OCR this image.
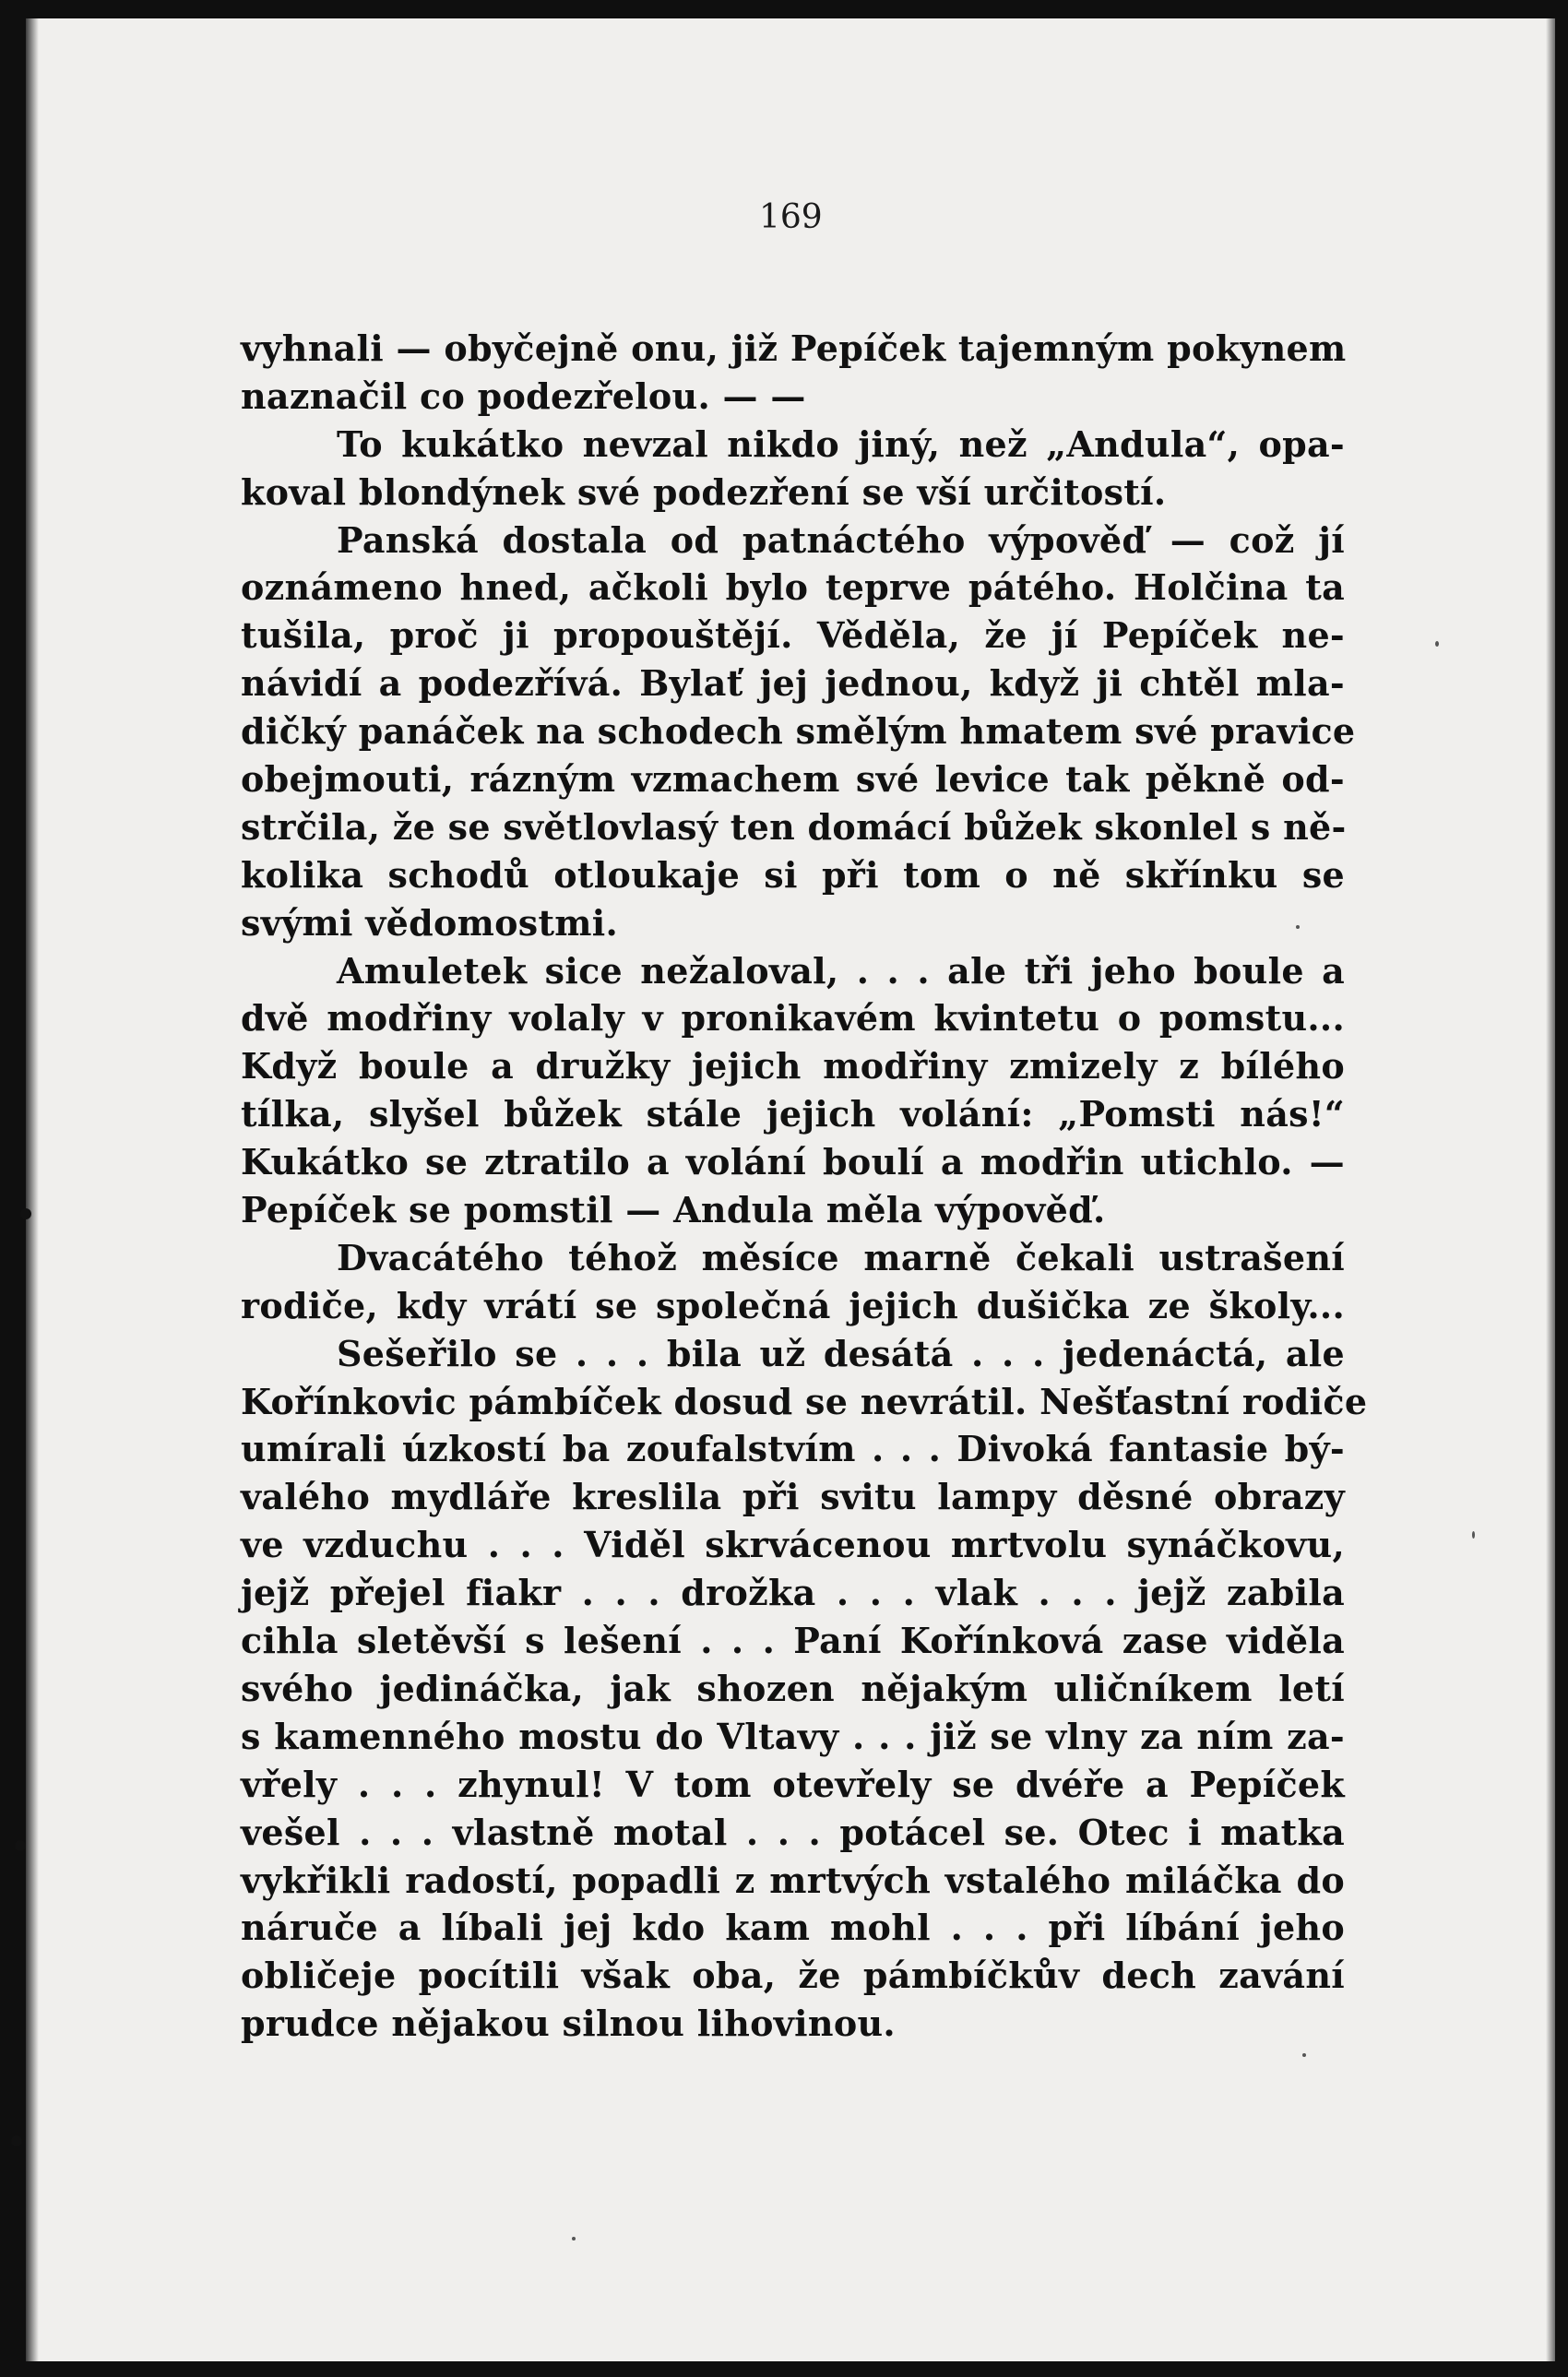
169
vyhnali — obyčejně onu, již Pepíček tajemným pokynem
naznačil co podezřelou. — —
To kukátko nevzal nikdo jiný, než „Andula“, opa-
koval blondýnek své podezření se vší určitostí.
Panská dostala od patnáctého výpověď — což jí
oznámeno hned, ačkoli bylo teprve pátého. Holčina ta
tušila, proč ji propouštějí. Věděla, že jí Pepíček ne-
návidí a podezřívá. Bylať jej jednou, když ji chtěl mla-
dičký panáček na schodech smělým hmatem své pravice
obejmouti, rázným vzmachem své levice tak pěkně od-
strčila, že se světlovlasý ten domácí bůžek skonlel s ně-
kolika schodů otloukaje si při tom o ně skřínku se
svými vědomostmi.
Amuletek sice nežaloval, . . . ale tři jeho boule a
dvě modřiny volaly v pronikavém kvintetu o pomstu...
Když boule a družky jejich modřiny zmizely z bílého
tílka, slyšel bůžek stále jejich volání: „Pomsti nás!“
Kukátko se ztratilo a volání boulí a modřin utichlo. —
Pepíček se pomstil — Andula měla výpověď.
Dvacátého téhož měsíce marně čekali ustrašení
rodiče, kdy vrátí se společná jejich dušička ze školy...
Sešeřilo se . . . bila už desátá . . . jedenáctá, ale
Kořínkovic pámbíček dosud se nevrátil. Nešťastní rodiče
umírali úzkostí ba zoufalstvím . . . Divoká fantasie bý-
valého mydláře kreslila při svitu lampy děsné obrazy
ve vzduchu . . . Viděl skrvácenou mrtvolu synáčkovu,
jejž přejel fiakr . . . drožka . . . vlak . . . jejž zabila
cihla sletěvší s lešení . . . Paní Kořínková zase viděla
svého jedináčka, jak shozen nějakým uličníkem letí
s kamenného mostu do Vltavy . . . již se vlny za ním za-
vřely . . . zhynul! V tom otevřely se dvéře a Pepíček
vešel . . . vlastně motal . . . potácel se. Otec i matka
vykřikli radostí, popadli z mrtvých vstalého miláčka do
náruče a líbali jej kdo kam mohl . . . při líbání jeho
obličeje pocítili však oba, že pámbíčkův dech zavání
prudce nějakou silnou lihovinou.
